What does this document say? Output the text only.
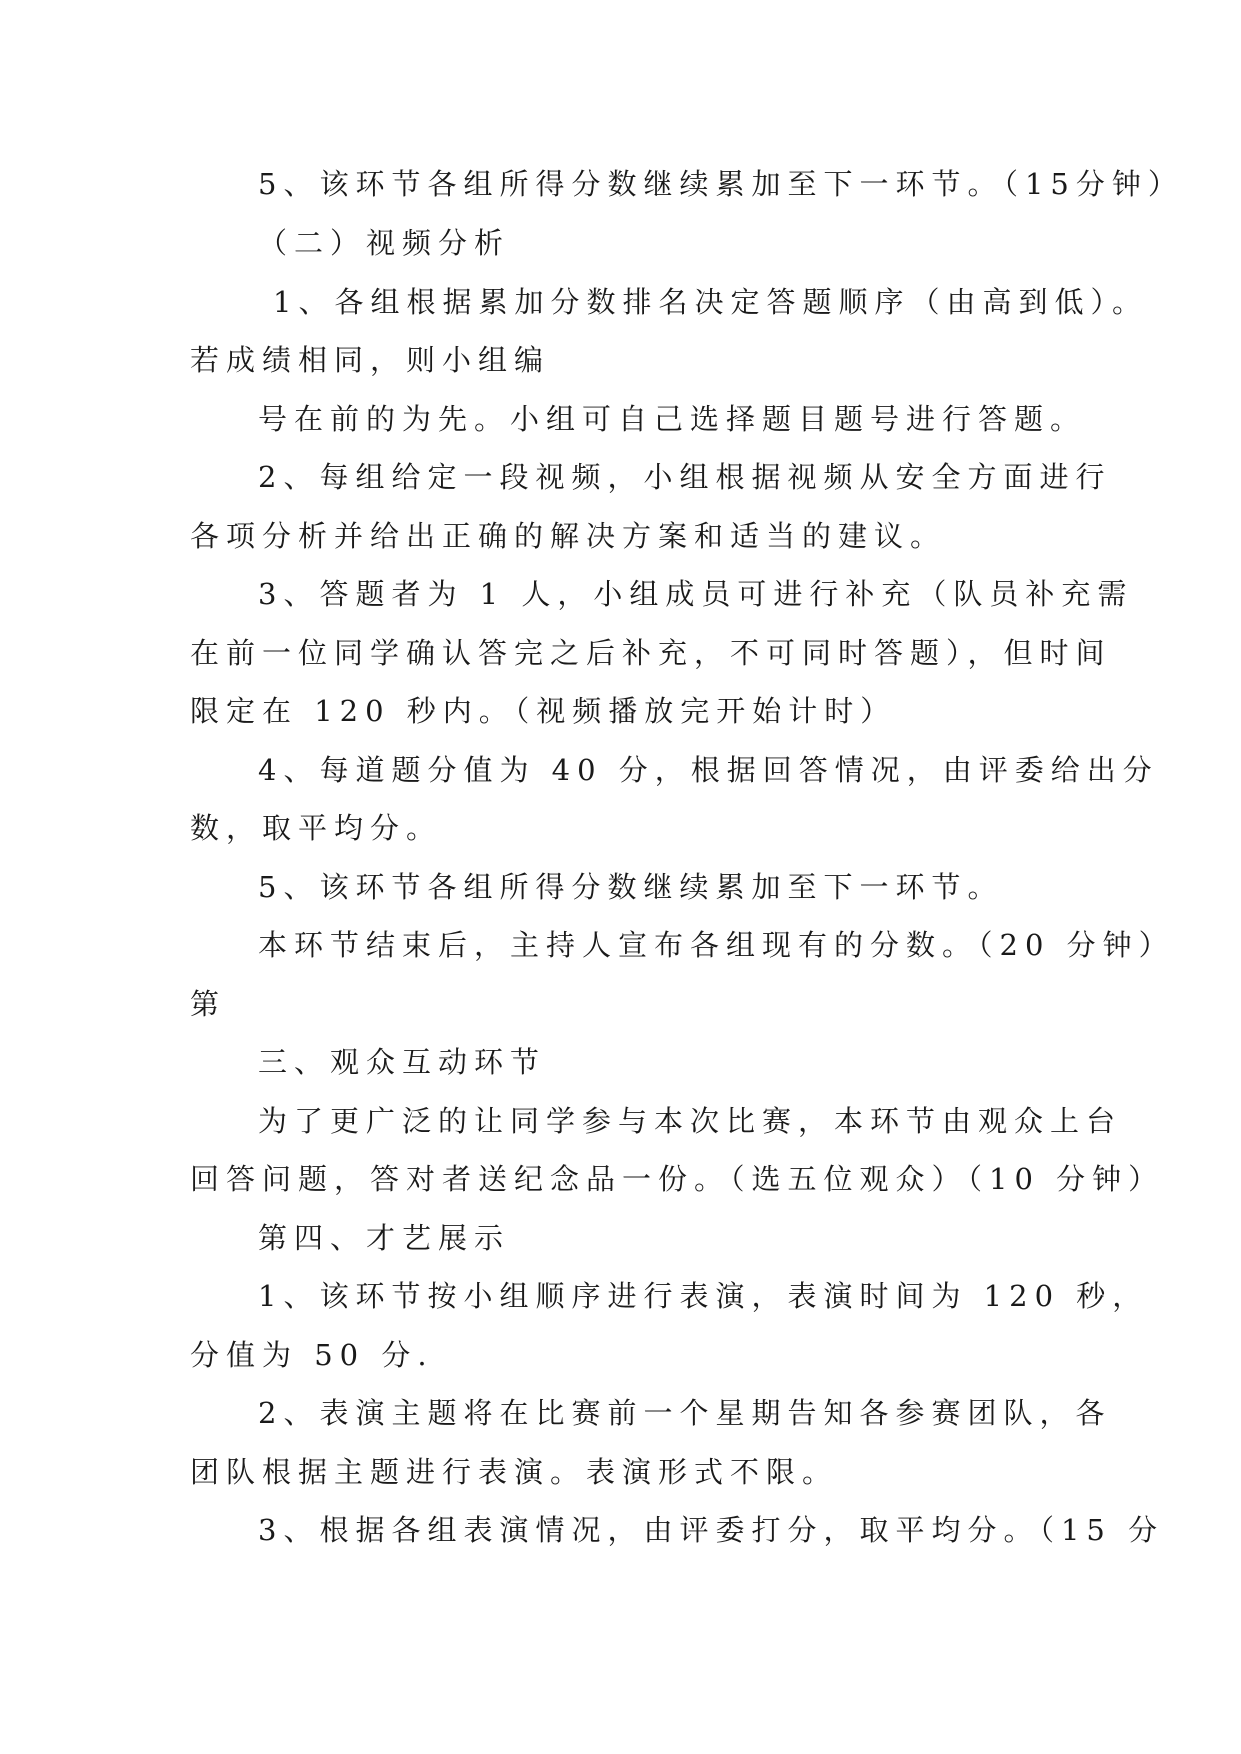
5、该环节各组所得分数继续累加至下一环节。（15分钟）
（二）视频分析
1、各组根据累加分数排名决定答题顺序（由高到低）。
若成绩相同，则小组编
号在前的为先。小组可自己选择题目题号进行答题。
2、每组给定一段视频，小组根据视频从安全方面进行
各项分析并给出正确的解决方案和适当的建议。
3、答题者为 1 人，小组成员可进行补充（队员补充需
在前一位同学确认答完之后补充，不可同时答题），但时间
限定在 120 秒内。（视频播放完开始计时）
4、每道题分值为 40 分，根据回答情况，由评委给出分
数，取平均分。
5、该环节各组所得分数继续累加至下一环节。
本环节结束后，主持人宣布各组现有的分数。（20 分钟）
第
三、观众互动环节
为了更广泛的让同学参与本次比赛，本环节由观众上台
回答问题，答对者送纪念品一份。（选五位观众）（10 分钟）
第四、才艺展示
1、该环节按小组顺序进行表演，表演时间为 120 秒，
分值为 50 分.
2、表演主题将在比赛前一个星期告知各参赛团队，各
团队根据主题进行表演。表演形式不限。
3、根据各组表演情况，由评委打分，取平均分。（15 分
